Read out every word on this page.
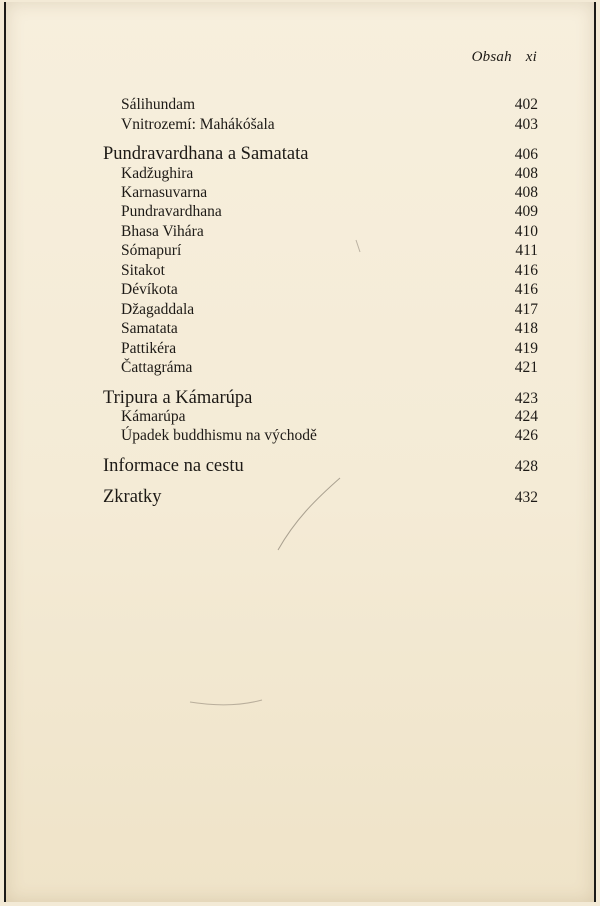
Obsah xi
Sálihundam	402
Vnitrozemí: Mahákóšala	403
Pundravardhana a Samatata	406
Kadžughira	408
Karnasuvarna	408
Pundravardhana	409
Bhasa Vihára	410
Sómapurí	411
Sitakot	416
Dévíkota	416
Džagaddala	417
Samatata	418
Pattikéra	419
Čattagráma	421
Tripura a Kámarúpa	423
Kámarúpa	424
Úpadek buddhismu na východě	426
Informace na cestu	428
Zkratky	432
